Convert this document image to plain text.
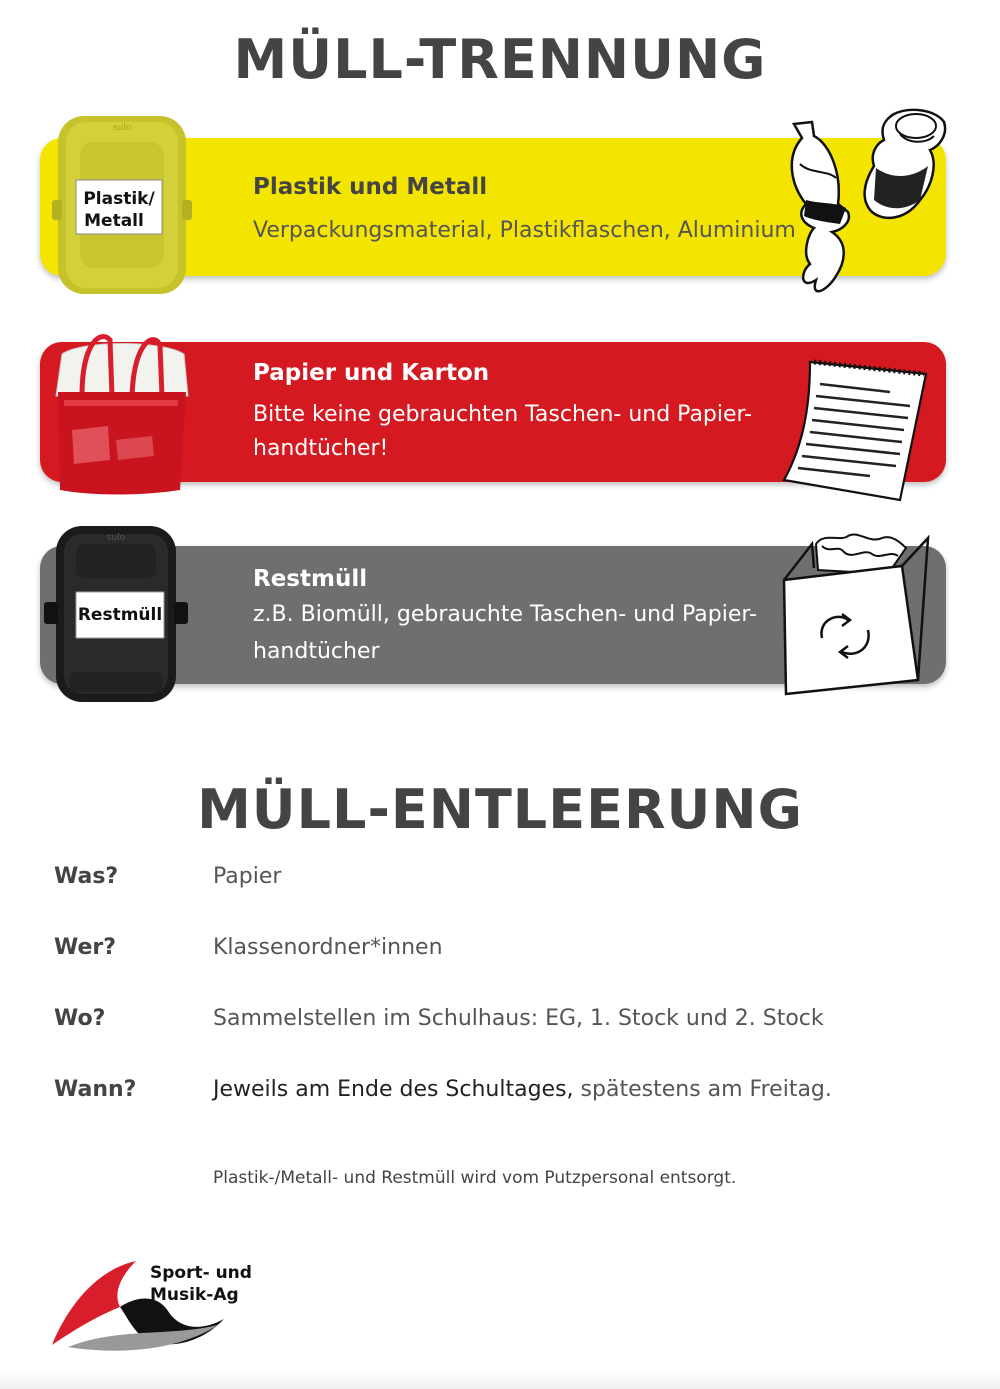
MÜLL-TRENNUNG

Plastik und Metall

Verpackungsmaterial, Plastikflaschen, Aluminium

sulo
Plastik/
Metall

Papier und Karton

Bitte keine gebrauchten Taschen- und Papier-

handtücher!

Restmüll

z.B. Biomüll, gebrauchte Taschen- und Papier-

handtücher

sulo
Restmüll
MÜLL-ENTLEERUNG
Was?	Papier
Wer?	Klassenordner*innen
Wo?	Sammelstellen im Schulhaus: EG, 1. Stock und 2. Stock
Wann?	Jeweils am Ende des Schultages, spätestens am Freitag.

Plastik-/Metall- und Restmüll wird vom Putzpersonal entsorgt.

Sport- und
Musik-Ag
